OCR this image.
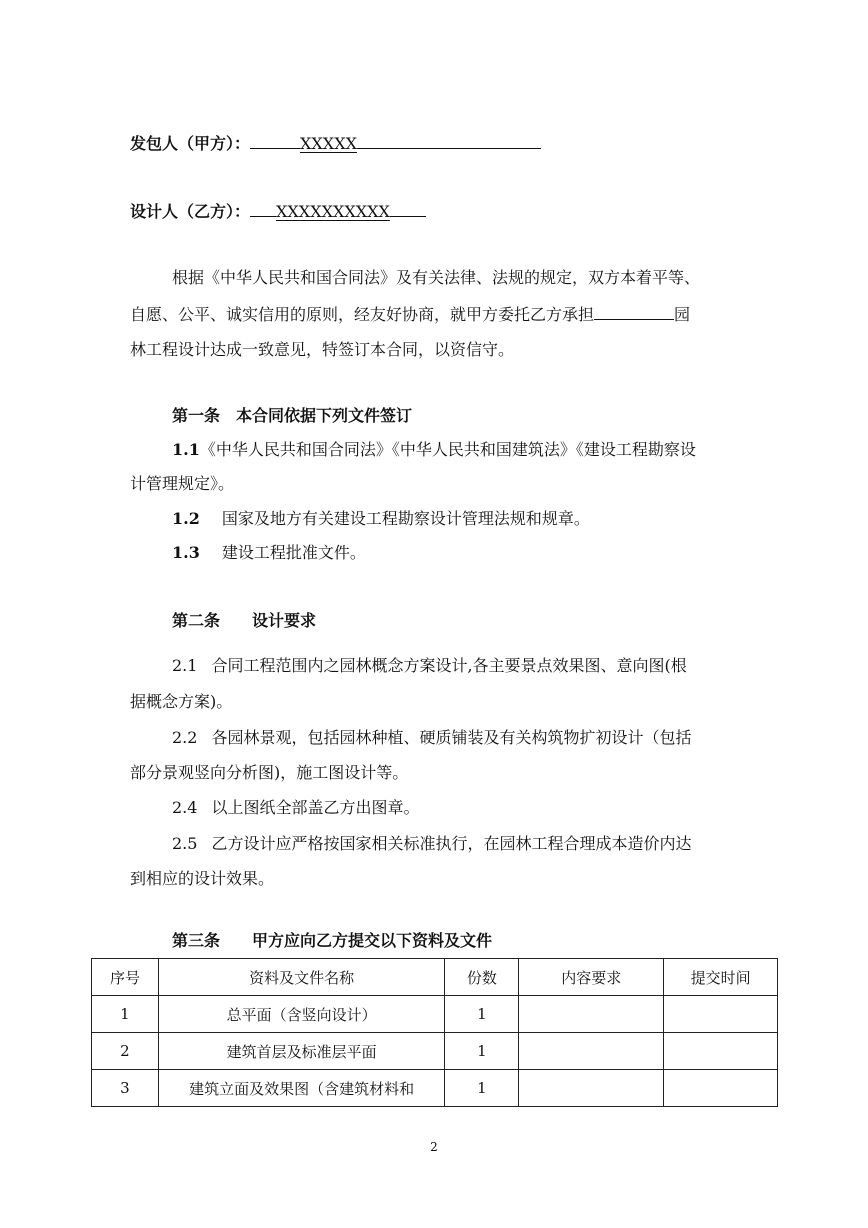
发包人（甲方）：	XXXXX
设计人（乙方）： XXXXXXXXXX
根据《中华人民共和国合同法》及有关法律、法规的规定，双方本着平等、
自愿、公平、诚实信用的原则，经友好协商，就甲方委托乙方承担	园
林工程设计达成一致意见，特签订本合同，以资信守。
第一条　本合同依据下列文件签订
1.1《中华人民共和国合同法》《中华人民共和国建筑法》《建设工程勘察设
计管理规定》。
1.2 国家及地方有关建设工程勘察设计管理法规和规章。
1.3 建设工程批准文件。
第二条　　设计要求
2.1 合同工程范围内之园林概念方案设计,各主要景点效果图、意向图(根
据概念方案)。
2.2 各园林景观，包括园林种植、硬质铺装及有关构筑物扩初设计（包括
部分景观竖向分析图)，施工图设计等。
2.4 以上图纸全部盖乙方出图章。
2.5 乙方设计应严格按国家相关标准执行，在园林工程合理成本造价内达
到相应的设计效果。
第三条　　甲方应向乙方提交以下资料及文件
序号	资料及文件名称	份数	内容要求	提交时间
1	总平面（含竖向设计）	1		
2	建筑首层及标准层平面	1		
3	建筑立面及效果图（含建筑材料和	1		
2
